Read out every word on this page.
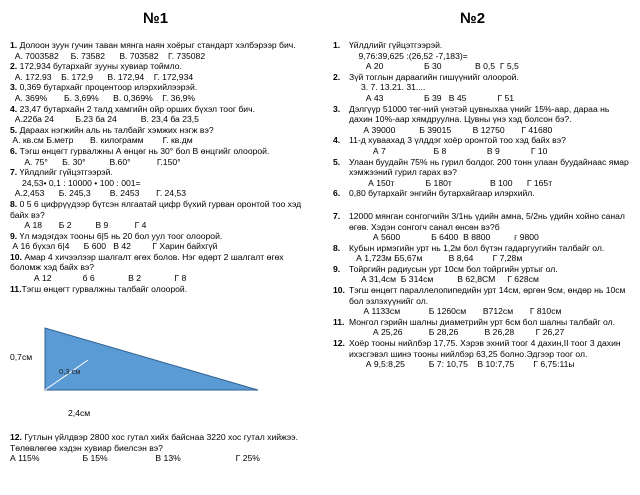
№1
1. Долоон зуун гучин таван мянга наян хоёрыг стандарт хэлбэрээр бич.
А. 7003582     Б. 73582      В. 703582    Г. 735082
2. 172,934 бутархайг зууны хувиар тоймло.
А. 172.93    Б. 172,9      В. 172,94    Г. 172,934
3. 0,369 бутархайг процентоор илэрхийлээрэй.
А. 369%       Б. 3,69%      В. 0,369%    Г. 36,9%
4. 23,47 бутархайн 2 талд хамгийн ойр орших бүхэл тоог бич.
А.22ба 24         Б.23 ба 24          В. 23,4 ба 23,5
5. Дараах нэгжийн аль нь талбайг хэмжих нэгж вэ?
А. кв.см Б.метр       В. килограмм        Г. кв.дм
6. Тэгш өнцөгт гурвалжны А өнцөг нь 30° бол В өнцгийг олоорой.
А. 75°      Б. 30°          В.60°           Г.150°
7. Үйлдлийг гүйцэтгээрэй.
24,53• 0,1 : 10000 • 100 : 001=
А.2,453      Б. 245,3        В. 2453       Г. 24,53
8. 0 5 6 цифрүүдээр бүтсэн ялгаатай цифр бүхий гурван оронтой тоо хэд байх вэ?
А 18       Б 2          В 9           Г 4
9. Үл мэдэгдэх тооны 6|5 нь 20 бол уул тоог олоорой.
А 16 бүхэл 6|4      Б 600   В 42         Г Харин байхгүй
10. Амар 4 хичээлээр шалгалт өгөх болов. Нэг өдөрт 2 шалгалт өгөх боломж хэд байх вэ?
А 12             б 6              В 2              Г 8
11.Тэгш өнцөгт гурвалжны талбайг олоорой.
0,7см
0,3 см
2,4см
12. Гутлын үйлдвэр 2800 хос гутал хийх байснаа 3220 хос гутал хийжээ. Төлөвлөгөө хэдэн хувиар биелсэн вэ?
А 115%                  Б 15%                    В 13%                       Г 25%
№2
1.	Үйлдлийг гүйцэтгээрэй.
9,76:39,625 :(26,52 -7,183)=
А 20                 Б 30              В 0,5  Г 5,5
2.	Зүй тоглын дараагийн гишүүнийг олоорой.
3. 7. 13.21. 31....
А 43                 Б 39   В 45             Г 51
3.	Дэлгүүр 51000 төг-ний үнэтэй цувныхаа үнийг 15%-аар, дараа нь дахин 10%-аар хямдруулна. Цувны үнэ хэд болсон бэ?.
А 39000          Б 39015         В 12750       Г 41680
4.	11-д хуваахад 3 үлддэг хоёр оронтой тоо хэд байх вэ?
А 7                    Б 8                 В 9             Г 10
5.	Улаан буудайн 75% нь гурил болдог. 200 тонн улаан буудайнаас ямар хэмжээний гурил гарах вэ?
А 150т             Б 180т                В 100      Г 165т
6.	0,80 бутархайг энгийн бутархайгаар илэрхийл.
7.	12000 мянган сонгогчийн 3/1нь үдийн амна, 5/2нь үдийн хойно санал өгөв. Хэдэн сонгогч санал өнсөн вэ?б
А 5600             Б 6400  В 8800          г 9800
8.	Кубын ирмэгийн урт нь 1,2м бол бүтэн гадаргуугийн талбайг ол.
А 1,723м Б5,67м           В 8,64        Г 7,28м
9.	Тойргийн радиусын урт 10см бол тойргийн уртыг ол.
А 31,4см  Б 314см          В 62,8СМ     Г 628см
10. Тэгш өнцөгт параллелопипедийн урт 14см, өргөн 9см, өндөр нь 10см бол эзлэхүүнийг ол.
А 1133см            Б 1260см       В712см       Г 810см
11. Монгол гэрийн шалны диаметрийн урт 6см бол шалны талбайг ол.
А 25,26           Б 28,26           В 26,28         Г 26,27
12. Хоёр тооны нийлбэр 17,75. Хэрэв эхний тоог 4 дахин,II тоог 3 дахин ихэсгэвэл шинэ тооны нийлбэр 63,25 болно.Эдгээр тоог ол.
А 9,5:8,25          Б 7: 10,75    В 10:7,75        Г 6,75:11ы
